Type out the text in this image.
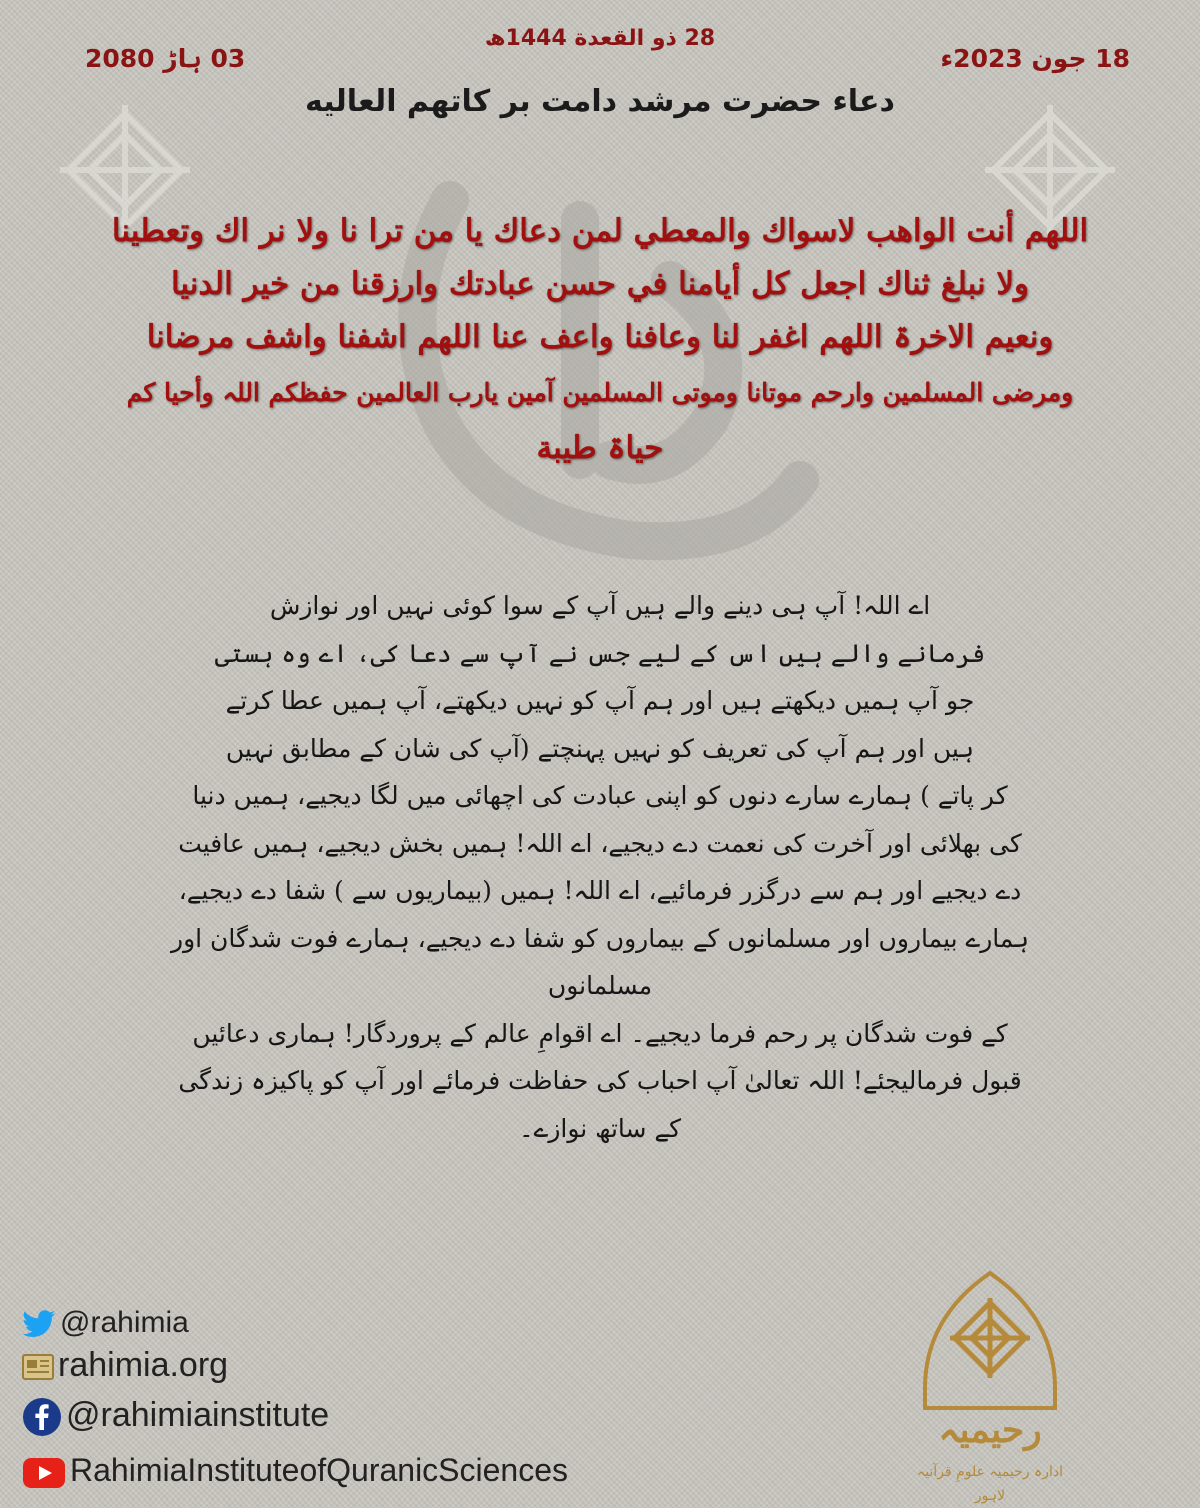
18 جون 2023ء
28 ذو القعدة 1444ھ
03 ہاڑ 2080
دعاء حضرت مرشد دامت بر کاتھم العالیه
اللھم أنت الواھب لاسواك والمعطي لمن دعاك یا من ترا نا ولا نر اك وتعطینا
ولا نبلغ ثناك اجعل کل أیامنا في حسن عبادتك وارزقنا من خیر الدنیا
ونعیم الاخرۃ اللھم اغفر لنا وعافنا واعف عنا اللھم اشفنا واشف مرضانا
ومرضی المسلمین وارحم موتانا وموتی المسلمین آمین یارب العالمین حفظکم اللہ وأحیا کم
حیاۃ طیبة
اے اللہ! آپ ہی دینے والے ہیں آپ کے سوا کوئی نہیں اور نوازش
فرمانے والے ہیں اس کے لیے جس نے آپ سے دعا کی، اے وہ ہستی
جو آپ ہمیں دیکھتے ہیں اور ہم آپ کو نہیں دیکھتے، آپ ہمیں عطا کرتے
ہیں اور ہم آپ کی تعریف کو نہیں پہنچتے (آپ کی شان کے مطابق نہیں
کر پاتے ) ہمارے سارے دنوں کو اپنی عبادت کی اچھائی میں لگا دیجیے، ہمیں دنیا
کی بھلائی اور آخرت کی نعمت دے دیجیے، اے اللہ! ہمیں بخش دیجیے، ہمیں عافیت
دے دیجیے اور ہم سے درگزر فرمائیے، اے اللہ! ہمیں (بیماریوں سے ) شفا دے دیجیے،
ہمارے بیماروں اور مسلمانوں کے بیماروں کو شفا دے دیجیے، ہمارے فوت شدگان اور مسلمانوں
کے فوت شدگان پر رحم فرما دیجیے۔ اے اقوامِ عالم کے پروردگار! ہماری دعائیں
قبول فرمالیجئے! اللہ تعالیٰ آپ احباب کی حفاظت فرمائے اور آپ کو پاکیزہ زندگی
کے ساتھ نوازے۔
@rahimia
rahimia.org
@rahimiainstitute
RahimiaInstituteofQuranicSciences
رحیمیہ
ادارہ رحیمیہ علومِ قرآنیہ لاہور
